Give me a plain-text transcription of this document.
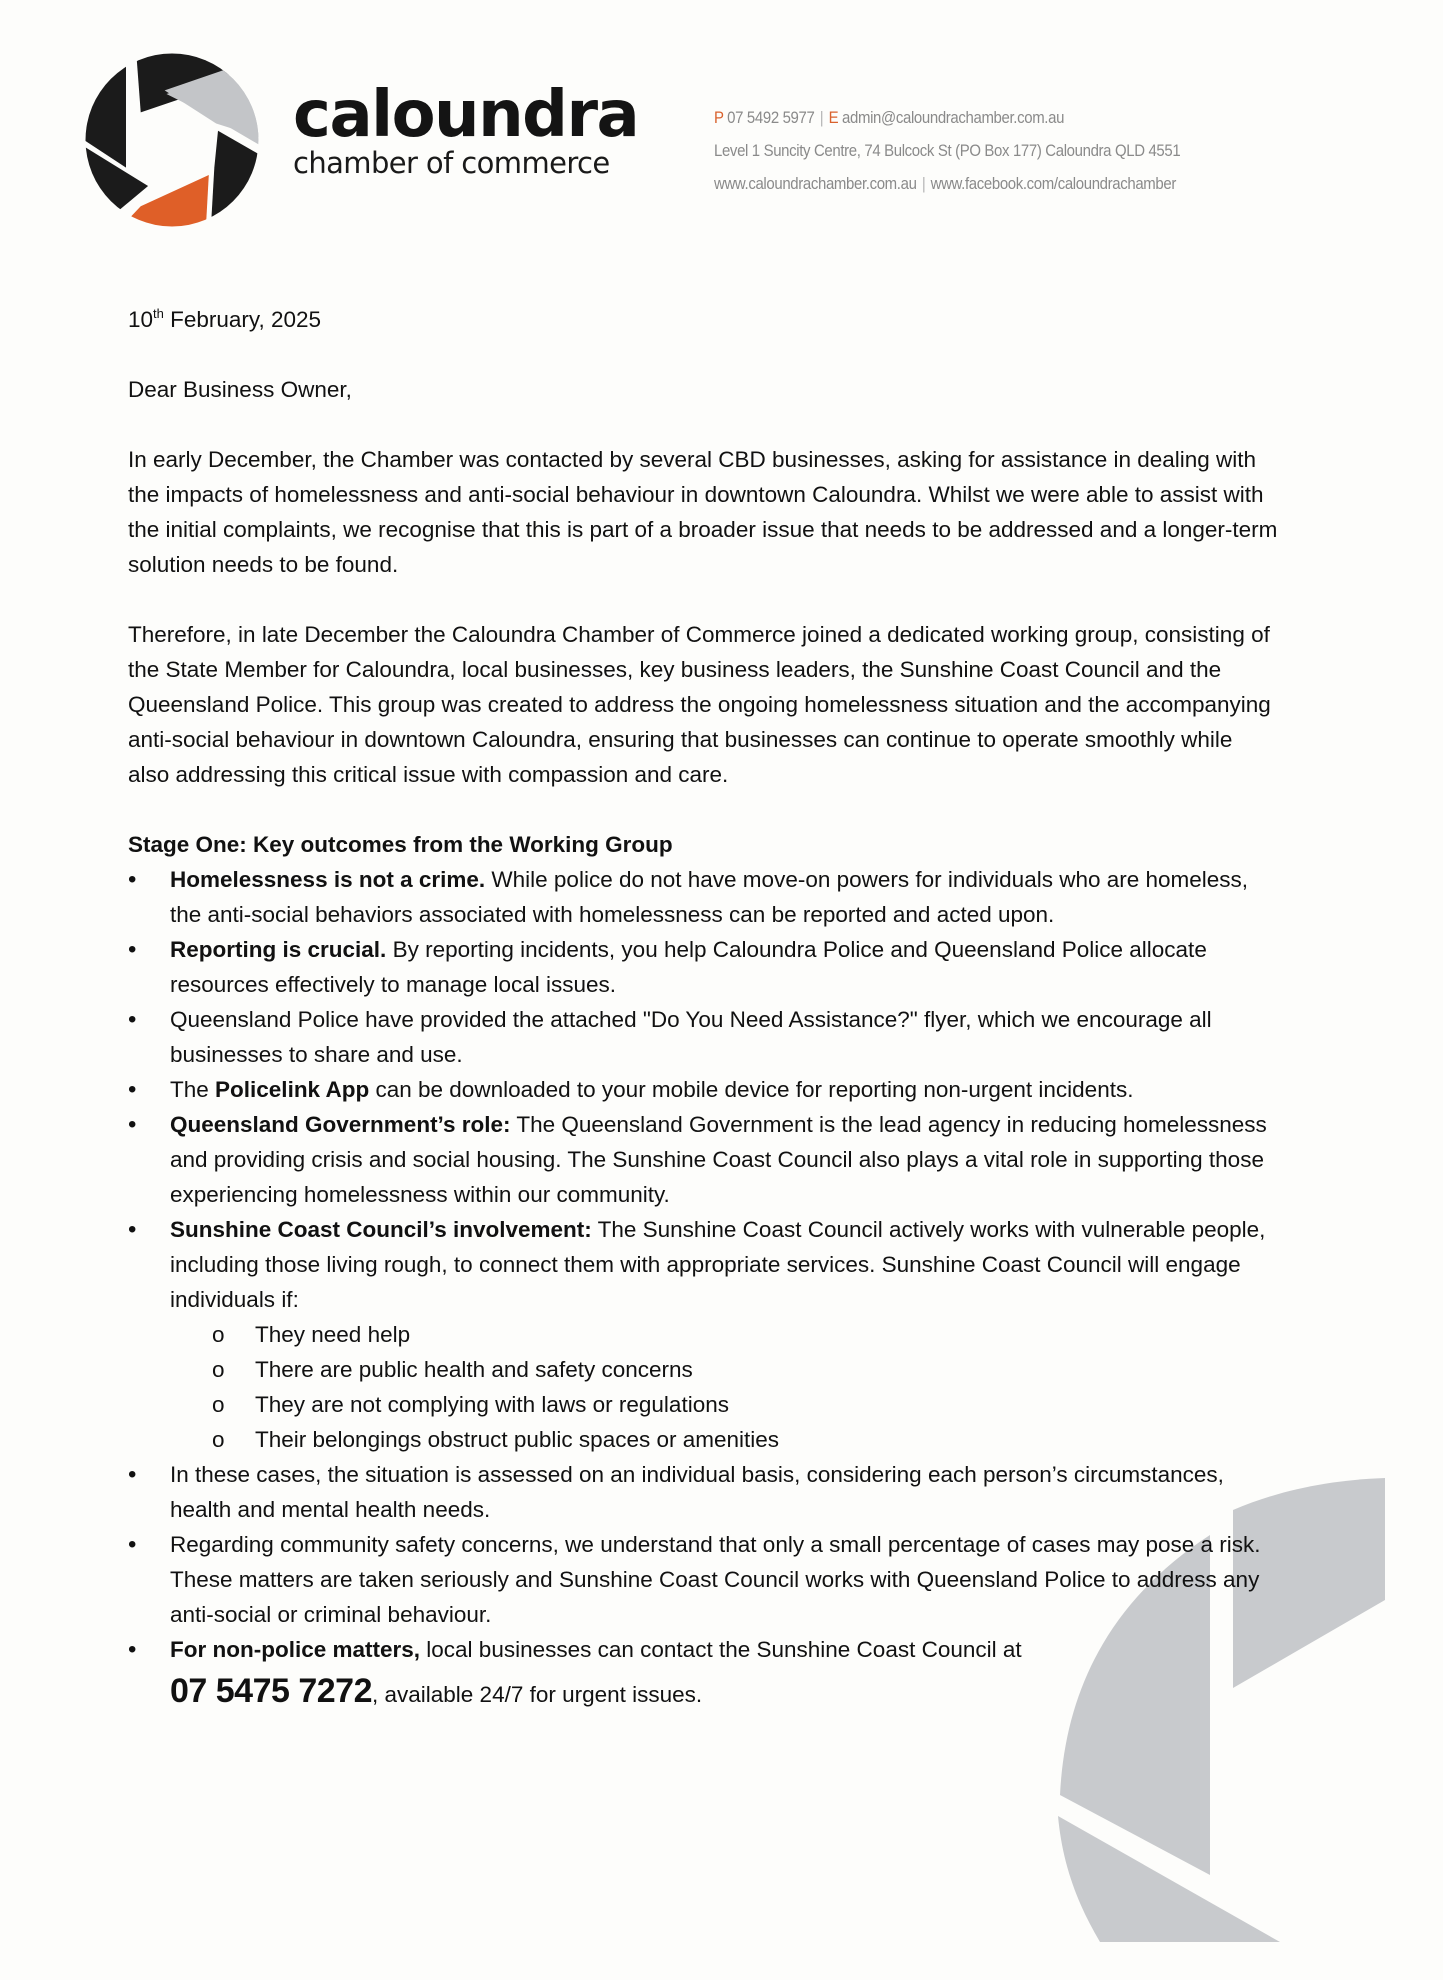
caloundra
chamber of commerce
P 07 5492 5977 | E admin@caloundrachamber.com.au
Level 1 Suncity Centre, 74 Bulcock St (PO Box 177) Caloundra QLD 4551
www.caloundrachamber.com.au | www.facebook.com/caloundrachamber

10th February, 2025

Dear Business Owner,

In early December, the Chamber was contacted by several CBD businesses, asking for assistance in dealing with the impacts of homelessness and anti-social behaviour in downtown Caloundra. Whilst we were able to assist with the initial complaints, we recognise that this is part of a broader issue that needs to be addressed and a longer-term solution needs to be found.

Therefore, in late December the Caloundra Chamber of Commerce joined a dedicated working group, consisting of the State Member for Caloundra, local businesses, key business leaders, the Sunshine Coast Council and the Queensland Police. This group was created to address the ongoing homelessness situation and the accompanying anti-social behaviour in downtown Caloundra, ensuring that businesses can continue to operate smoothly while also addressing this critical issue with compassion and care.

Stage One: Key outcomes from the Working Group

• Homelessness is not a crime. While police do not have move-on powers for individuals who are homeless, the anti-social behaviors associated with homelessness can be reported and acted upon.
• Reporting is crucial. By reporting incidents, you help Caloundra Police and Queensland Police allocate resources effectively to manage local issues.
• Queensland Police have provided the attached "Do You Need Assistance?" flyer, which we encourage all businesses to share and use.
• The Policelink App can be downloaded to your mobile device for reporting non-urgent incidents.
• Queensland Government’s role: The Queensland Government is the lead agency in reducing homelessness and providing crisis and social housing. The Sunshine Coast Council also plays a vital role in supporting those experiencing homelessness within our community.
• Sunshine Coast Council’s involvement: The Sunshine Coast Council actively works with vulnerable people, including those living rough, to connect them with appropriate services. Sunshine Coast Council will engage individuals if:
o They need help
o There are public health and safety concerns
o They are not complying with laws or regulations
o Their belongings obstruct public spaces or amenities
• In these cases, the situation is assessed on an individual basis, considering each person’s circumstances, health and mental health needs.
• Regarding community safety concerns, we understand that only a small percentage of cases may pose a risk. These matters are taken seriously and Sunshine Coast Council works with Queensland Police to address any anti-social or criminal behaviour.
• For non-police matters, local businesses can contact the Sunshine Coast Council at
07 5475 7272, available 24/7 for urgent issues.
